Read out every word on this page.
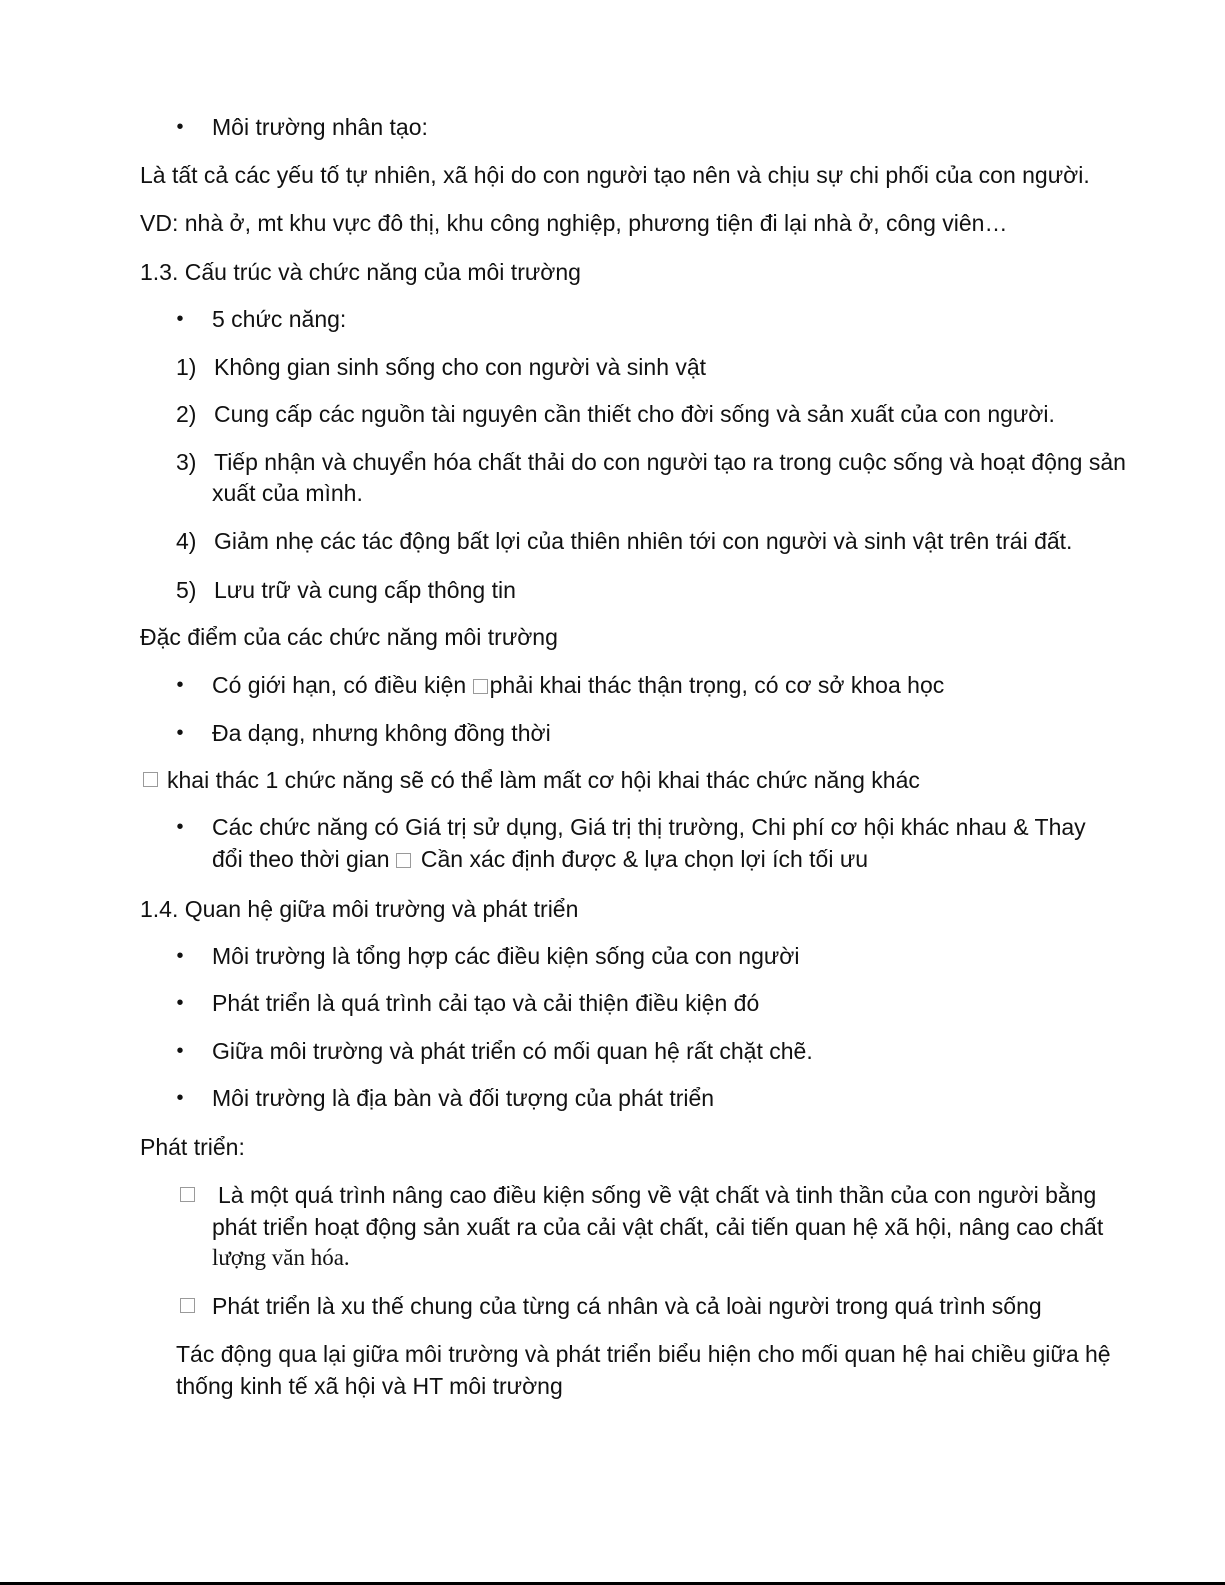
• Môi trường nhân tạo:
Là tất cả các yếu tố tự nhiên, xã hội do con người tạo nên và chịu sự chi phối của con người.
VD: nhà ở, mt khu vực đô thị, khu công nghiệp, phương tiện đi lại nhà ở, công viên…
1.3. Cấu trúc và chức năng của môi trường
• 5 chức năng:
1) Không gian sinh sống cho con người và sinh vật
2) Cung cấp các nguồn tài nguyên cần thiết cho đời sống và sản xuất của con người.
3) Tiếp nhận và chuyển hóa chất thải do con người tạo ra trong cuộc sống và hoạt động sản
xuất của mình.
4) Giảm nhẹ các tác động bất lợi của thiên nhiên tới con người và sinh vật trên trái đất.
5) Lưu trữ và cung cấp thông tin
Đặc điểm của các chức năng môi trường
• Có giới hạn, có điều kiện phải khai thác thận trọng, có cơ sở khoa học
• Đa dạng, nhưng không đồng thời
khai thác 1 chức năng sẽ có thể làm mất cơ hội khai thác chức năng khác
• Các chức năng có Giá trị sử dụng, Giá trị thị trường, Chi phí cơ hội khác nhau & Thay
đổi theo thời gian Cần xác định được & lựa chọn lợi ích tối ưu
1.4. Quan hệ giữa môi trường và phát triển
• Môi trường là tổng hợp các điều kiện sống của con người
• Phát triển là quá trình cải tạo và cải thiện điều kiện đó
• Giữa môi trường và phát triển có mối quan hệ rất chặt chẽ.
• Môi trường là địa bàn và đối tượng của phát triển
Phát triển:
Là một quá trình nâng cao điều kiện sống về vật chất và tinh thần của con người bằng
phát triển hoạt động sản xuất ra của cải vật chất, cải tiến quan hệ xã hội, nâng cao chất
lượng văn hóa.
Phát triển là xu thế chung của từng cá nhân và cả loài người trong quá trình sống
Tác động qua lại giữa môi trường và phát triển biểu hiện cho mối quan hệ hai chiều giữa hệ
thống kinh tế xã hội và HT môi trường
